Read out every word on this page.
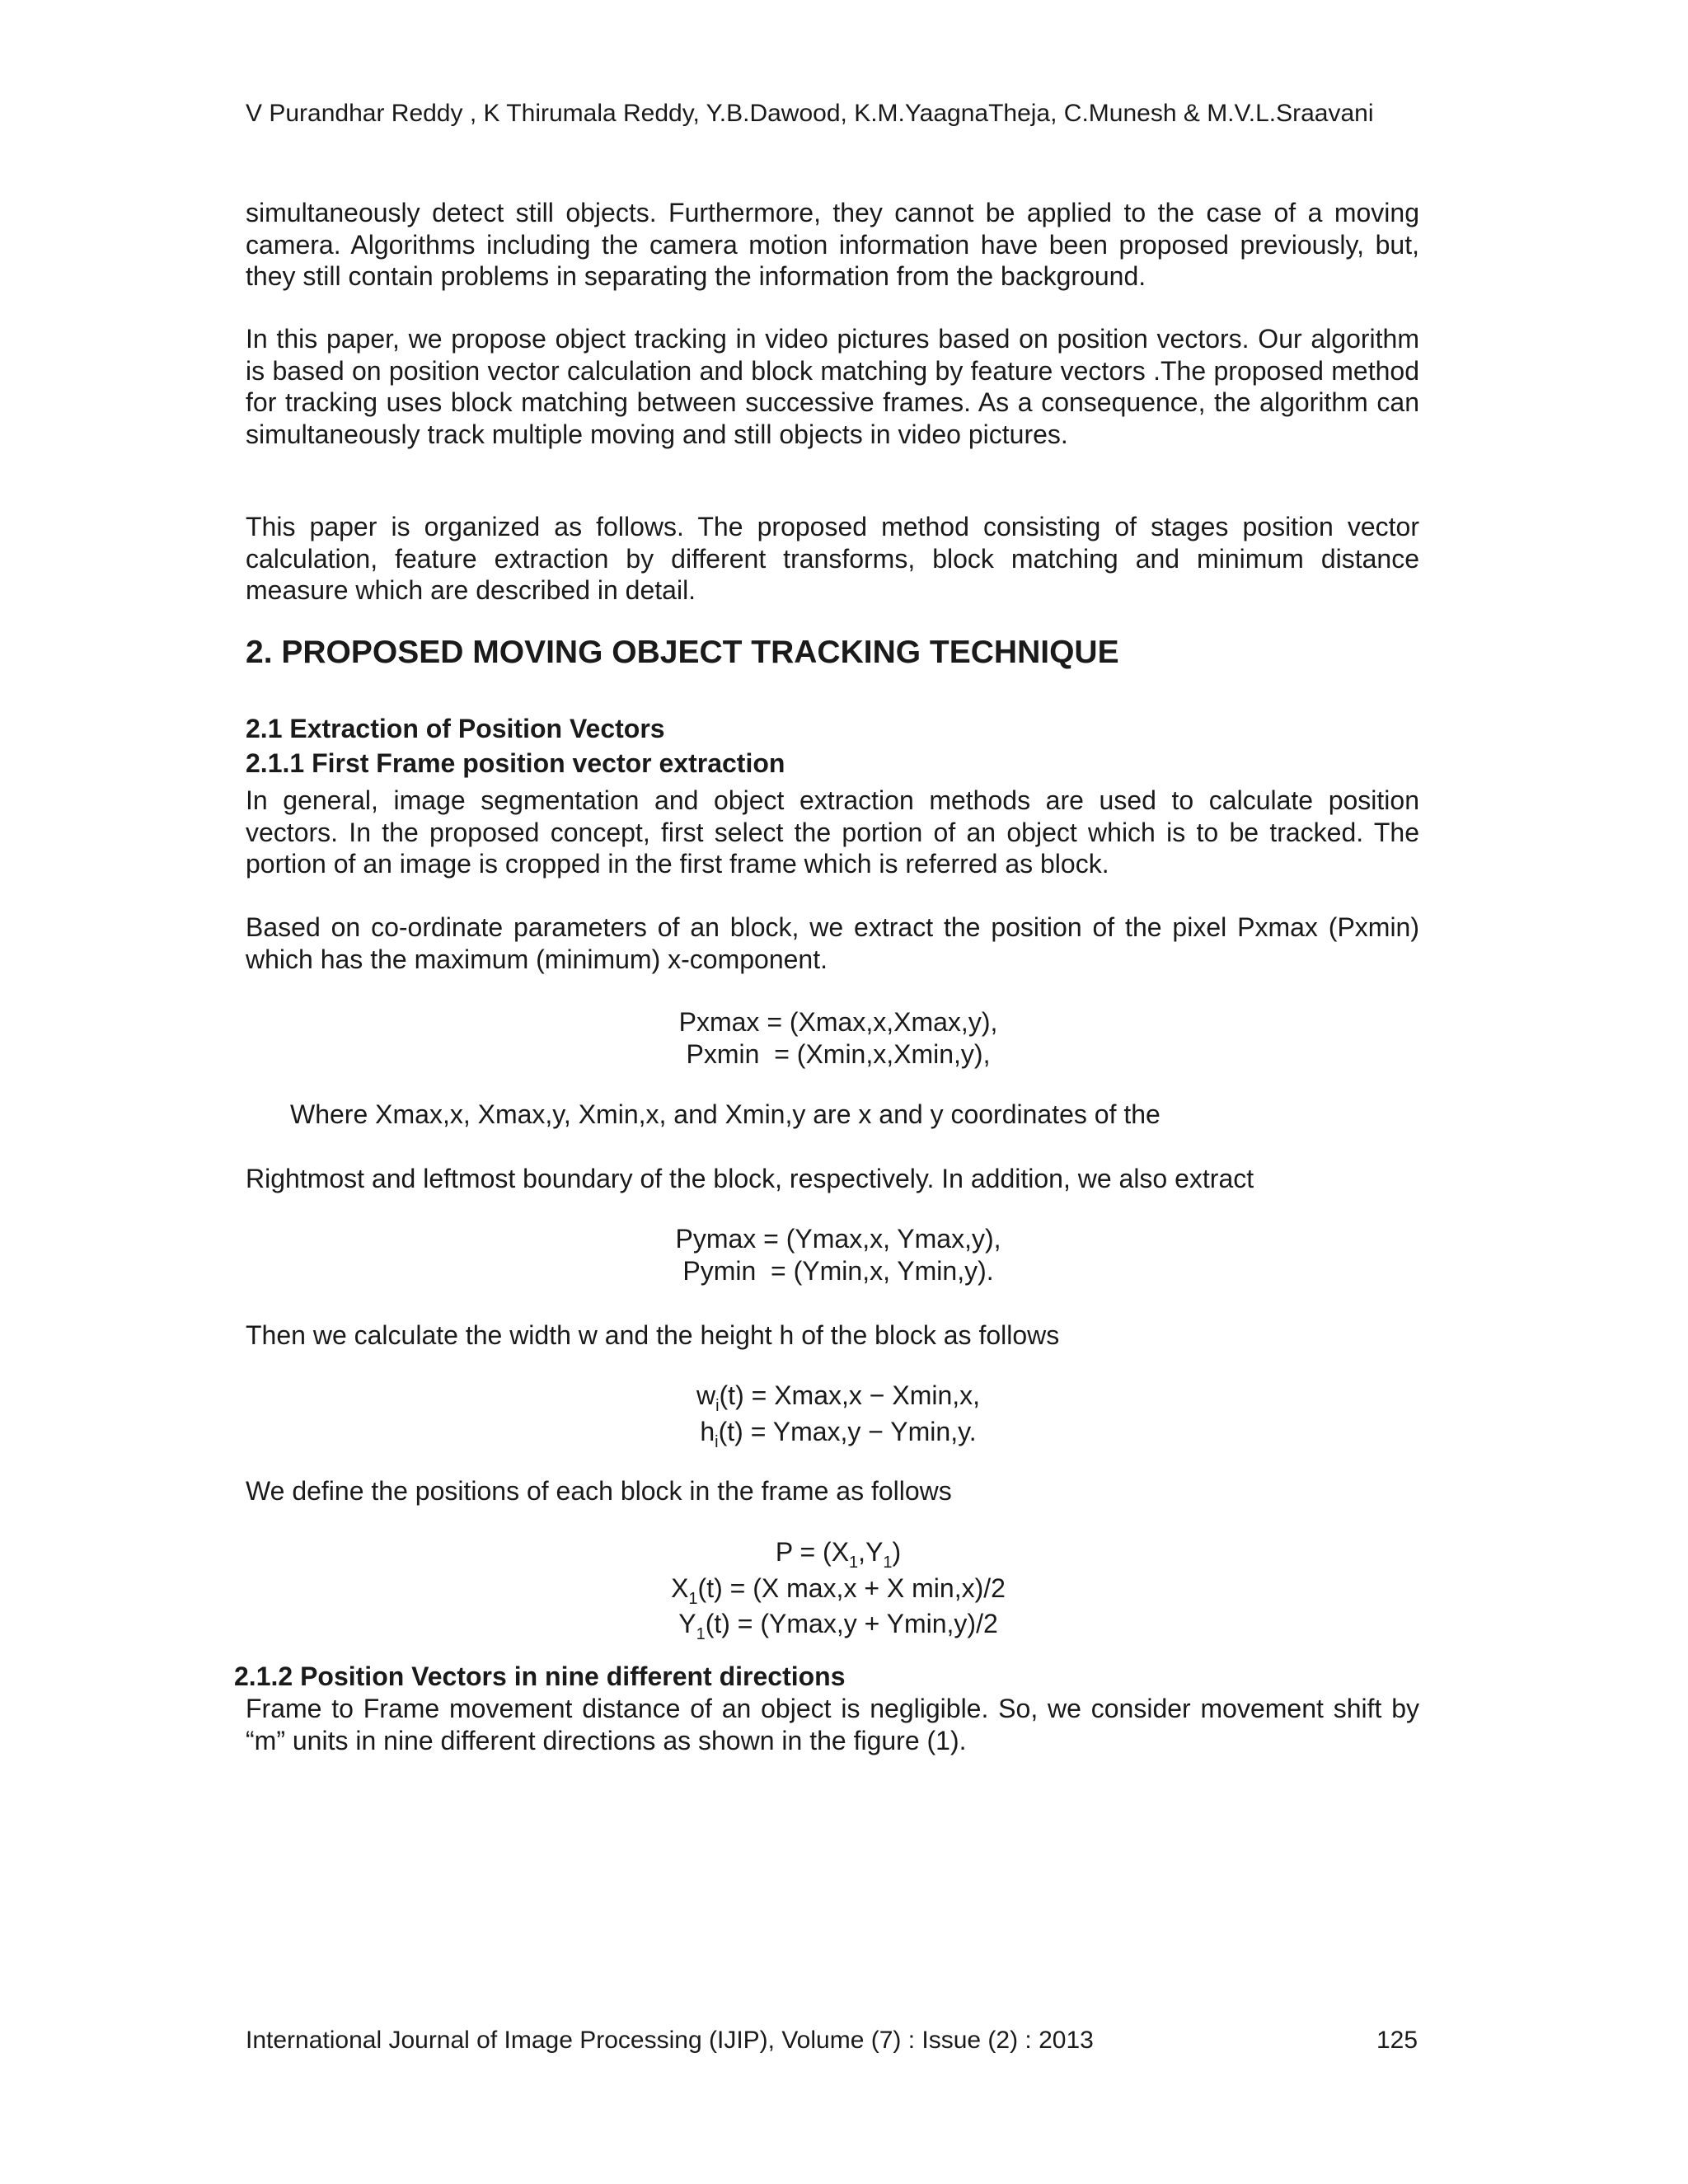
V Purandhar Reddy , K Thirumala Reddy, Y.B.Dawood, K.M.YaagnaTheja, C.Munesh & M.V.L.Sraavani

simultaneously detect still objects. Furthermore, they cannot be applied to the case of a moving camera. Algorithms including the camera motion information have been proposed previously, but, they still contain problems in separating the information from the background.

In this paper, we propose object tracking in video pictures based on position vectors. Our algorithm is based on position vector calculation and block matching by feature vectors .The proposed method for tracking uses block matching between successive frames. As a consequence, the algorithm can simultaneously track multiple moving and still objects in video pictures.

This paper is organized as follows. The proposed method consisting of stages position vector calculation, feature extraction by different transforms, block matching and minimum distance measure which are described in detail.

2. PROPOSED MOVING OBJECT TRACKING TECHNIQUE
2.1 Extraction of Position Vectors
2.1.1 First Frame position vector extraction

In general, image segmentation and object extraction methods are used to calculate position vectors. In the proposed concept, first select the portion of an object which is to be tracked. The portion of an image is cropped in the first frame which is referred as block.

Based on co-ordinate parameters of an block, we extract the position of the pixel Pxmax (Pxmin) which has the maximum (minimum) x-component.

Pxmax = (Xmax,x,Xmax,y),
Pxmin  = (Xmin,x,Xmin,y),

Where Xmax,x, Xmax,y, Xmin,x, and Xmin,y are x and y coordinates of the

Rightmost and leftmost boundary of the block, respectively. In addition, we also extract

Pymax = (Ymax,x, Ymax,y),
Pymin  = (Ymin,x, Ymin,y).

Then we calculate the width w and the height h of the block as follows

$w_i(t) = Xmax,x - Xmin,x$,
$h_i(t) = Ymax,y - Ymin,y$.

We define the positions of each block in the frame as follows

$P = (X_1,Y_1)$
$X_1(t) = (X$ max,x + X min,x)/2
$Y_1(t) = (Ymax,y + Ymin,y)/2$
2.1.2 Position Vectors in nine different directions

Frame to Frame movement distance of an object is negligible. So, we consider movement shift by “m” units in nine different directions as shown in the figure (1).

International Journal of Image Processing (IJIP), Volume (7) : Issue (2) : 2013	125
